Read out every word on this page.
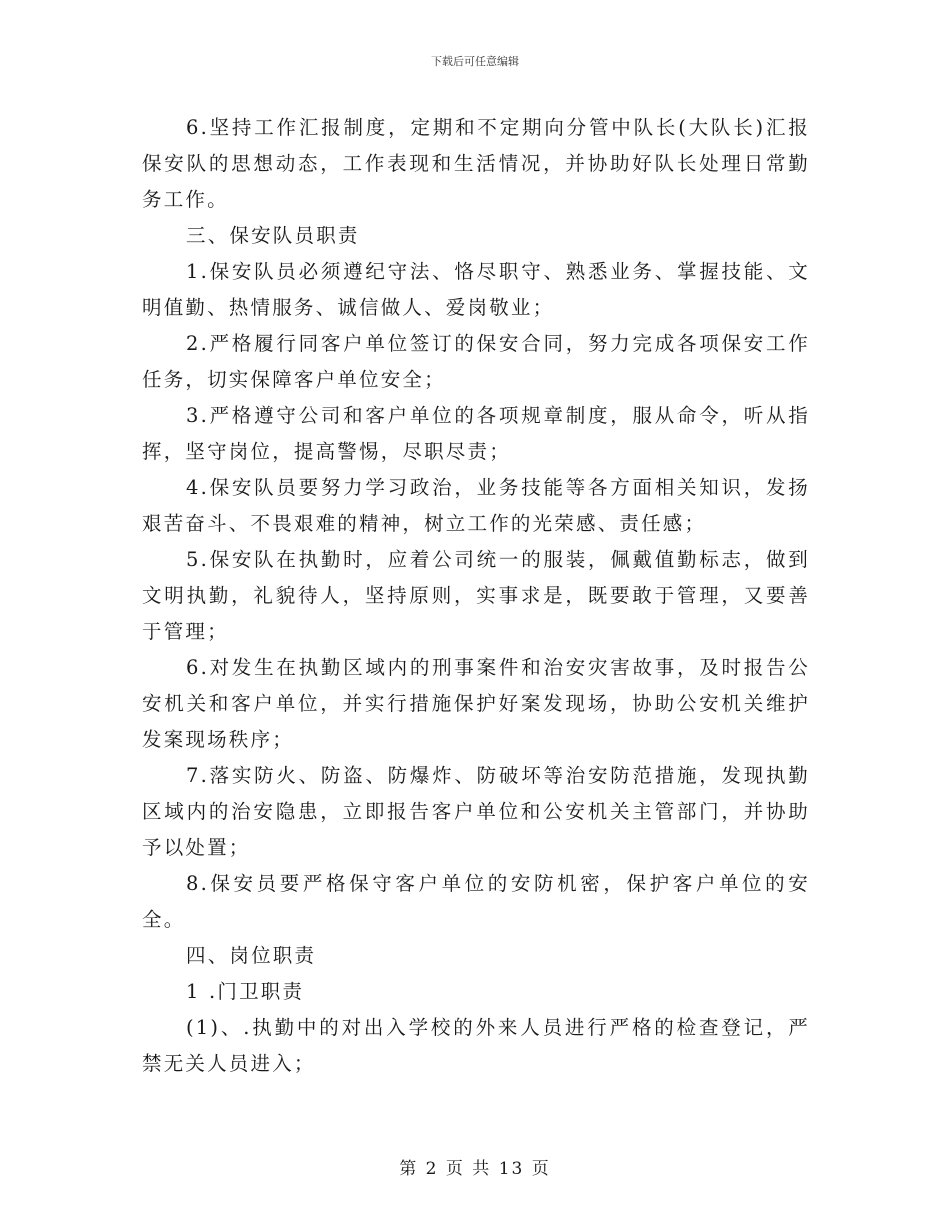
下载后可任意编辑

6.坚持工作汇报制度，定期和不定期向分管中队长(大队长)汇报保安队的思想动态，工作表现和生活情况，并协助好队长处理日常勤务工作。

三、保安队员职责

1.保安队员必须遵纪守法、恪尽职守、熟悉业务、掌握技能、文明值勤、热情服务、诚信做人、爱岗敬业；

2.严格履行同客户单位签订的保安合同，努力完成各项保安工作任务，切实保障客户单位安全；

3.严格遵守公司和客户单位的各项规章制度，服从命令，听从指挥，坚守岗位，提高警惕，尽职尽责；

4.保安队员要努力学习政治，业务技能等各方面相关知识，发扬艰苦奋斗、不畏艰难的精神，树立工作的光荣感、责任感；

5.保安队在执勤时，应着公司统一的服装，佩戴值勤标志，做到文明执勤，礼貌待人，坚持原则，实事求是，既要敢于管理，又要善于管理；

6.对发生在执勤区域内的刑事案件和治安灾害故事，及时报告公安机关和客户单位，并实行措施保护好案发现场，协助公安机关维护发案现场秩序；

7.落实防火、防盗、防爆炸、防破坏等治安防范措施，发现执勤区域内的治安隐患，立即报告客户单位和公安机关主管部门，并协助予以处置；

8.保安员要严格保守客户单位的安防机密，保护客户单位的安全。

四、岗位职责

1 .门卫职责

(1)、.执勤中的对出入学校的外来人员进行严格的检查登记，严禁无关人员进入；

第 2 页 共 13 页
